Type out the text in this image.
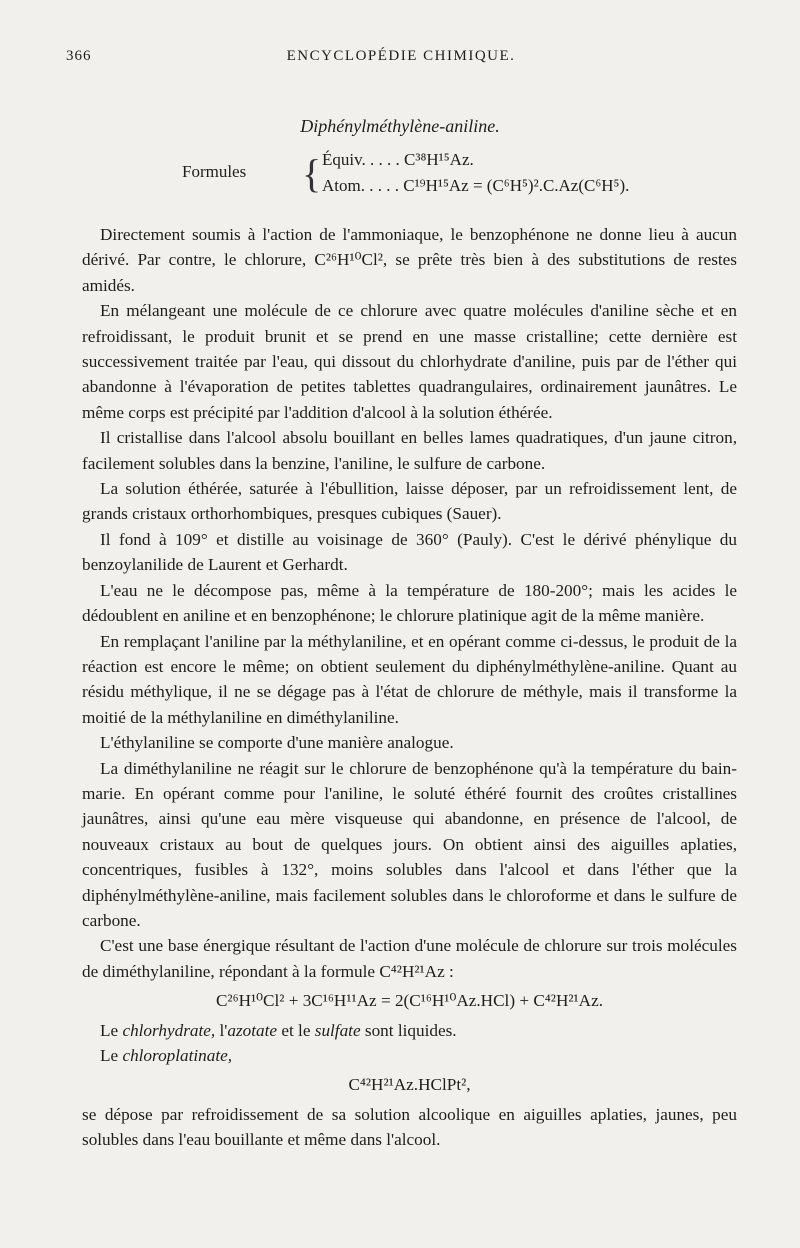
366	ENCYCLOPÉDIE CHIMIQUE.
Diphénylméthylène-aniline.
Formules { Équiv. . . . . C³⁸H¹⁵Az.
Atom. . . . . C¹⁹H¹⁵Az = (C⁶H⁵)².C.Az(C⁶H⁵).

Directement soumis à l'action de l'ammoniaque, le benzophénone ne donne lieu à aucun dérivé. Par contre, le chlorure, C²⁶H¹⁰Cl², se prête très bien à des substitutions de restes amidés.

En mélangeant une molécule de ce chlorure avec quatre molécules d'aniline sèche et en refroidissant, le produit brunit et se prend en une masse cristalline; cette dernière est successivement traitée par l'eau, qui dissout du chlorhydrate d'aniline, puis par de l'éther qui abandonne à l'évaporation de petites tablettes quadrangulaires, ordinairement jaunâtres. Le même corps est précipité par l'addition d'alcool à la solution éthérée.

Il cristallise dans l'alcool absolu bouillant en belles lames quadratiques, d'un jaune citron, facilement solubles dans la benzine, l'aniline, le sulfure de carbone.

La solution éthérée, saturée à l'ébullition, laisse déposer, par un refroidissement lent, de grands cristaux orthorhombiques, presques cubiques (Sauer).

Il fond à 109° et distille au voisinage de 360° (Pauly). C'est le dérivé phénylique du benzoylanilide de Laurent et Gerhardt.

L'eau ne le décompose pas, même à la température de 180-200°; mais les acides le dédoublent en aniline et en benzophénone; le chlorure platinique agit de la même manière.

En remplaçant l'aniline par la méthylaniline, et en opérant comme ci-dessus, le produit de la réaction est encore le même; on obtient seulement du diphénylméthylène-aniline. Quant au résidu méthylique, il ne se dégage pas à l'état de chlorure de méthyle, mais il transforme la moitié de la méthylaniline en diméthylaniline.

L'éthylaniline se comporte d'une manière analogue.

La diméthylaniline ne réagit sur le chlorure de benzophénone qu'à la température du bain-marie. En opérant comme pour l'aniline, le soluté éthéré fournit des croûtes cristallines jaunâtres, ainsi qu'une eau mère visqueuse qui abandonne, en présence de l'alcool, de nouveaux cristaux au bout de quelques jours. On obtient ainsi des aiguilles aplaties, concentriques, fusibles à 132°, moins solubles dans l'alcool et dans l'éther que la diphénylméthylène-aniline, mais facilement solubles dans le chloroforme et dans le sulfure de carbone.

C'est une base énergique résultant de l'action d'une molécule de chlorure sur trois molécules de diméthylaniline, répondant à la formule C⁴²H²¹Az :

C²⁶H¹⁰Cl² + 3C¹⁶H¹¹Az = 2(C¹⁶H¹⁰Az.HCl) + C⁴²H²¹Az.

Le chlorhydrate, l'azotate et le sulfate sont liquides.

Le chloroplatinate,

C⁴²H²¹Az.HClPt²,

se dépose par refroidissement de sa solution alcoolique en aiguilles aplaties, jaunes, peu solubles dans l'eau bouillante et même dans l'alcool.
